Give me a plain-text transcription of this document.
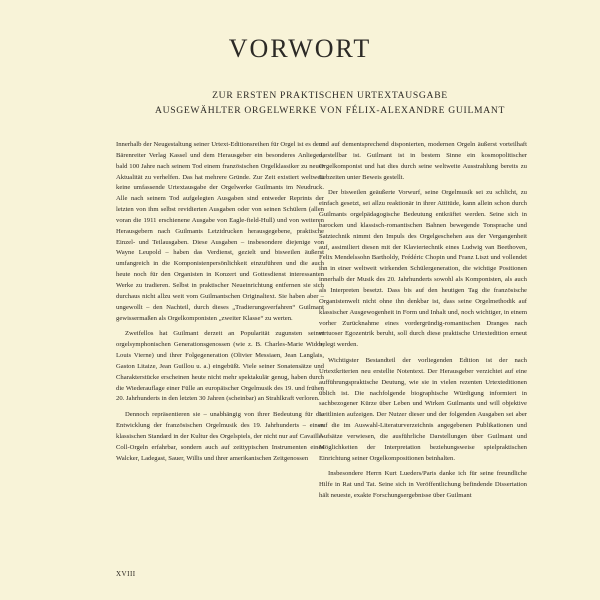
VORWORT
ZUR ERSTEN PRAKTISCHEN URTEXTAUSGABE
AUSGEWÄHLTER ORGELWERKE VON FÉLIX-ALEXANDRE GUILMANT

Innerhalb der Neugestaltung seiner Urtext-Editionsreihen für Orgel ist es dem Bärenreiter Verlag Kassel und dem Herausgeber ein besonderes Anliegen, bald 100 Jahre nach seinem Tod einem französischen Orgelklassiker zu neuer Aktualität zu verhelfen. Das hat mehrere Gründe. Zur Zeit existiert weltweit keine umfassende Urtextausgabe der Orgelwerke Guilmants im Neudruck. Alle nach seinem Tod aufgelegten Ausgaben sind entweder Reprints der letzten von ihm selbst revidierten Ausgaben oder von seinen Schülern (allen voran die 1911 erschienene Ausgabe von Eagle-field-Hull) und von weiteren Herausgebern nach Guilmants Letztdrucken herausgegebene, praktische Einzel- und Teilausgaben. Diese Ausgaben – insbesondere diejenige von Wayne Leupold – haben das Verdienst, gezielt und bisweilen äußerst umfangreich in die Komponistenpersönlichkeit einzuführen und die auch heute noch für den Organisten in Konzert und Gottesdienst interessanten Werke zu tradieren. Selbst in praktischer Neueinrichtung entfernen sie sich durchaus nicht allzu weit vom Guilmantschen Originaltext. Sie haben aber – ungewollt – den Nachteil, durch dieses „Tradierungsverfahren“ Guilmant gewissermaßen als Orgelkomponisten „zweiter Klasse“ zu werten.

Zweifellos hat Guilmant derzeit an Popularität zugunsten seiner orgelsymphonischen Generationsgenossen (wie z. B. Charles-Marie Widor, Louis Vierne) und ihrer Folgegeneration (Olivier Messiaen, Jean Langlais, Gaston Litaize, Jean Guillou u. a.) eingebüßt. Viele seiner Sonatensätze und Charakterstücke erscheinen heute nicht mehr spektakulär genug, haben durch die Wiederauflage einer Fülle an europäischer Orgelmusik des 19. und frühen 20. Jahrhunderts in den letzten 30 Jahren (scheinbar) an Strahlkraft verloren.

Dennoch repräsentieren sie – unabhängig von ihrer Bedeutung für die Entwicklung der französischen Orgelmusik des 19. Jahrhunderts – einen klassischen Standard in der Kultur des Orgelspiels, der nicht nur auf Cavaillé-Coll-Orgeln erfahrbar, sondern auch auf zeittypischen Instrumenten eines Walcker, Ladegast, Sauer, Willis und ihrer amerikanischen Zeitgenossen

und auf dementsprechend disponierten, modernen Orgeln äußerst vorteilhaft darstellbar ist. Guilmant ist in bestem Sinne ein kosmopolitischer Orgelkomponist und hat dies durch seine weltweite Ausstrahlung bereits zu Lebzeiten unter Beweis gestellt.

Der bisweilen geäußerte Vorwurf, seine Orgelmusik sei zu schlicht, zu einfach gesetzt, sei allzu reaktionär in ihrer Attitüde, kann allein schon durch Guilmants orgelpädagogische Bedeutung entkräftet werden. Seine sich in barocken und klassisch-romantischen Bahnen bewegende Tonsprache und Satztechnik nimmt den Impuls des Orgelgeschehen aus der Vergangenheit auf, assimiliert diesen mit der Klaviertechnik eines Ludwig van Beethoven, Felix Mendelssohn Bartholdy, Frédéric Chopin und Franz Liszt und vollendet ihn in einer weltweit wirkenden Schülergeneration, die wichtige Positionen innerhalb der Musik des 20. Jahrhunderts sowohl als Komponisten, als auch als Interpreten besetzt. Dass bis auf den heutigen Tag die französische Organistenwelt nicht ohne ihn denkbar ist, dass seine Orgelmethodik auf klassischer Ausgewogenheit in Form und Inhalt und, noch wichtiger, in einem vorher Zurücknahme eines vordergründig-romantischen Dranges nach virtuoser Egozentrik beruht, soll durch diese praktische Urtextedition erneut belegt werden.

Wichtigster Bestandteil der vorliegenden Edition ist der nach Urtextkriterien neu erstellte Notentext. Der Herausgeber verzichtet auf eine aufführungspraktische Deutung, wie sie in vielen rezenten Urtexteditionen üblich ist. Die nachfolgende biographische Würdigung informiert in sachbezogener Kürze über Leben und Wirken Guilmants und will objektive Leitlinien aufzeigen. Der Nutzer dieser und der folgenden Ausgaben sei aber auf die im Auswahl-Literaturverzeichnis angegebenen Publikationen und Aufsätze verwiesen, die ausführliche Darstellungen über Guilmant und Möglichkeiten der Interpretation beziehungsweise spielpraktischen Einrichtung seiner Orgelkompositionen beinhalten.

Insbesondere Herrn Kurt Lueders/Paris danke ich für seine freundliche Hilfe in Rat und Tat. Seine sich in Veröffentlichung befindende Dissertation hält neueste, exakte Forschungsergebnisse über Guilmant

XVIII
